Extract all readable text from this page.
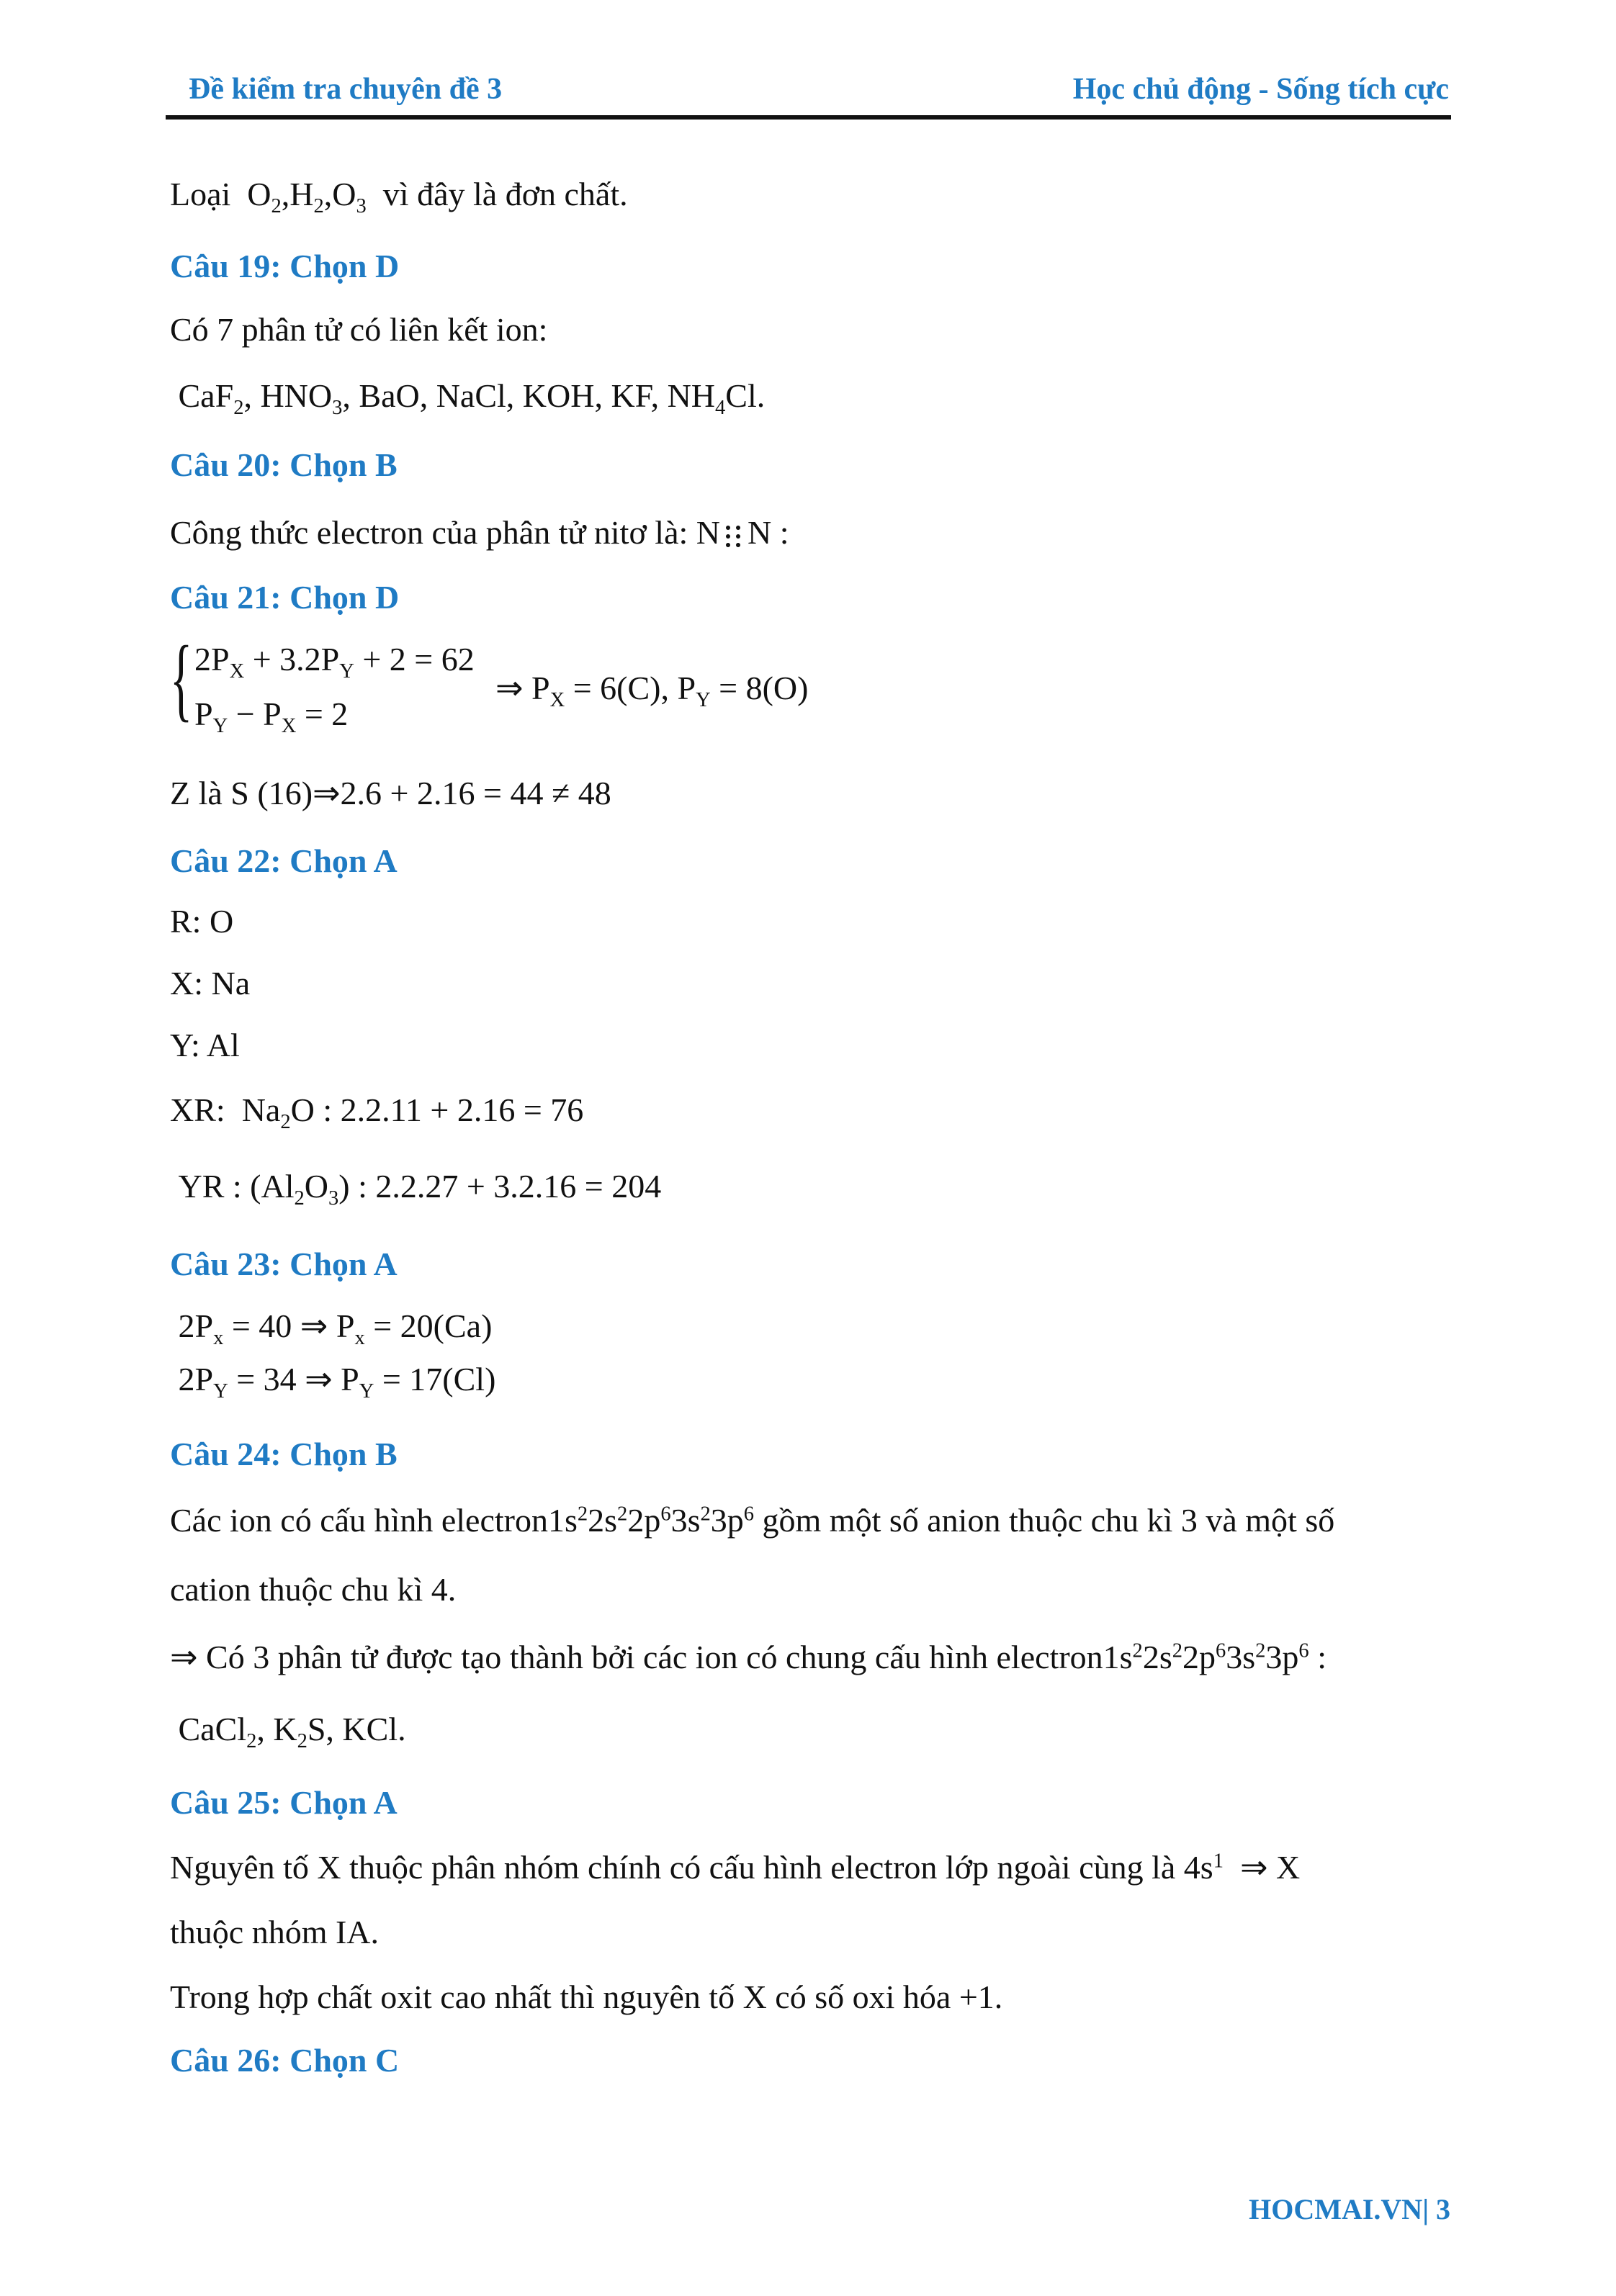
Đề kiểm tra chuyên đề 3	Học chủ động - Sống tích cực
Loại  $O_2,H_2,O_3$ vì đây là đơn chất.
Câu 19: Chọn D
Có 7 phân tử có liên kết ion:
CaF$_2$, $HNO_3$, BaO, NaCl, KOH, KF, $NH_4Cl$.
Câu 20: Chọn B
Công thức electron của phân tử nitơ là: N N :
Câu 21: Chọn D
{ $2P_X + 3.2P_Y + 2 = 62$
$P_Y - P_X = 2$
⇒ $P_X = 6(C)$, $P_Y = 8(O)$
Z là S (16)⇒2.6 + 2.16 = 44 ≠ 48
Câu 22: Chọn A
R: O
X: Na
Y: Al
XR:  $Na_2O$ : 2.2.11 + 2.16 = 76
YR : $(Al_2O_3)$ : 2.2.27 + 3.2.16 = 204
Câu 23: Chọn A
$2P_x = 40$ ⇒ $P_x = 20(Ca)$
$2P_Y = 34$ ⇒ $P_Y = 17(Cl)$
Câu 24: Chọn B
Các ion có cấu hình $electron1s^22s^22p^63s^23p^6$ gồm một số anion thuộc chu kì 3 và một số
cation thuộc chu kì 4.
⇒ Có 3 phân tử được tạo thành bởi các ion có chung cấu hình $electron1s^22s^22p^63s^23p^6$ :
CaCl$_2$, $K_2S$, KCl.
Câu 25: Chọn A
Nguyên tố X thuộc phân nhóm chính có cấu hình electron lớp ngoài cùng là $4s^1$  ⇒ X
thuộc nhóm IA.
Trong hợp chất oxit cao nhất thì nguyên tố X có số oxi hóa +1.
Câu 26: Chọn C
HOCMAI.VN| 3
